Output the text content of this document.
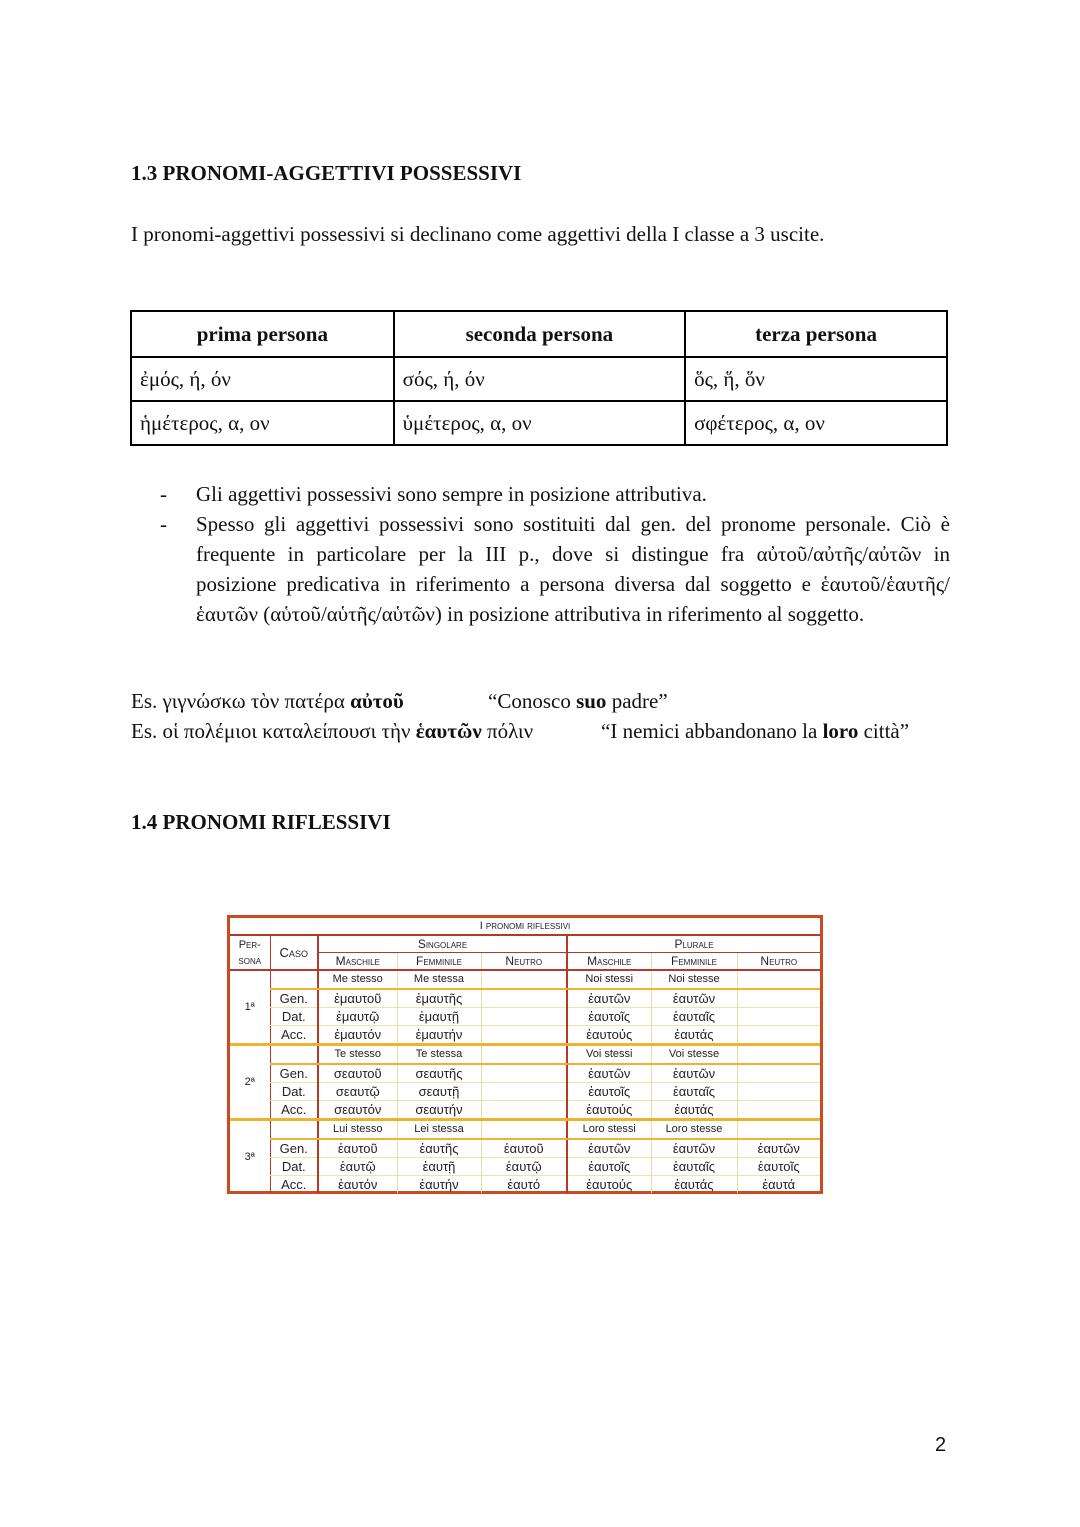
1.3 PRONOMI-AGGETTIVI POSSESSIVI
I pronomi-aggettivi possessivi si declinano come aggettivi della I classe a 3 uscite.
prima persona	seconda persona	terza persona
ἐμός, ή, όν	σός, ή, όν	ὅς, ἥ, ὅν
ἡμέτερος, α, ον	ὑμέτερος, α, ον	σφέτερος, α, ον
- Gli aggettivi possessivi sono sempre in posizione attributiva.
- Spesso gli aggettivi possessivi sono sostituiti dal gen. del pronome personale. Ciò è frequente in particolare per la III p., dove si distingue fra αὐτοῦ/αὐτῆς/αὐτῶν in posizione predicativa in riferimento a persona diversa dal soggetto e ἑαυτοῦ/ἑαυτῆς/ἑαυτῶν (αὑτοῦ/αὑτῆς/αὑτῶν) in posizione attributiva in riferimento al soggetto.
Es. γιγνώσκω τὸν πατέρα αὐτοῦ	“Conosco suo padre”
Es. οἱ πολέμιοι καταλείπουσι τὴν ἑαυτῶν πόλιν	“I nemici abbandonano la loro città”
1.4 PRONOMI RIFLESSIVI
I pronomi riflessivi							
Per-
sona	Caso	Singolare			Plurale		
		Maschile	Femminile	Neutro	Maschile	Femminile	Neutro
1ª		Me stesso	Me stessa		Noi stessi	Noi stesse	
	Gen.	ἐμαυτοῦ	ἐμαυτῆς		ἑαυτῶν	ἑαυτῶν	
	Dat.	ἐμαυτῷ	ἐμαυτῇ		ἑαυτοῖς	ἑαυταῖς	
	Acc.	ἐμαυτόν	ἐμαυτήν		ἑαυτούς	ἑαυτάς	
2ª		Te stesso	Te stessa		Voi stessi	Voi stesse	
	Gen.	σεαυτοῦ	σεαυτῆς		ἑαυτῶν	ἑαυτῶν	
	Dat.	σεαυτῷ	σεαυτῇ		ἑαυτοῖς	ἑαυταῖς	
	Acc.	σεαυτόν	σεαυτήν		ἑαυτούς	ἑαυτάς	
3ª		Lui stesso	Lei stessa		Loro stessi	Loro stesse	
	Gen.	ἑαυτοῦ	ἑαυτῆς	ἑαυτοῦ	ἑαυτῶν	ἑαυτῶν	ἑαυτῶν
	Dat.	ἑαυτῷ	ἑαυτῇ	ἑαυτῷ	ἑαυτοῖς	ἑαυταῖς	ἑαυτοῖς
	Acc.	ἑαυτόν	ἑαυτήν	ἑαυτό	ἑαυτούς	ἑαυτάς	ἑαυτά
2
